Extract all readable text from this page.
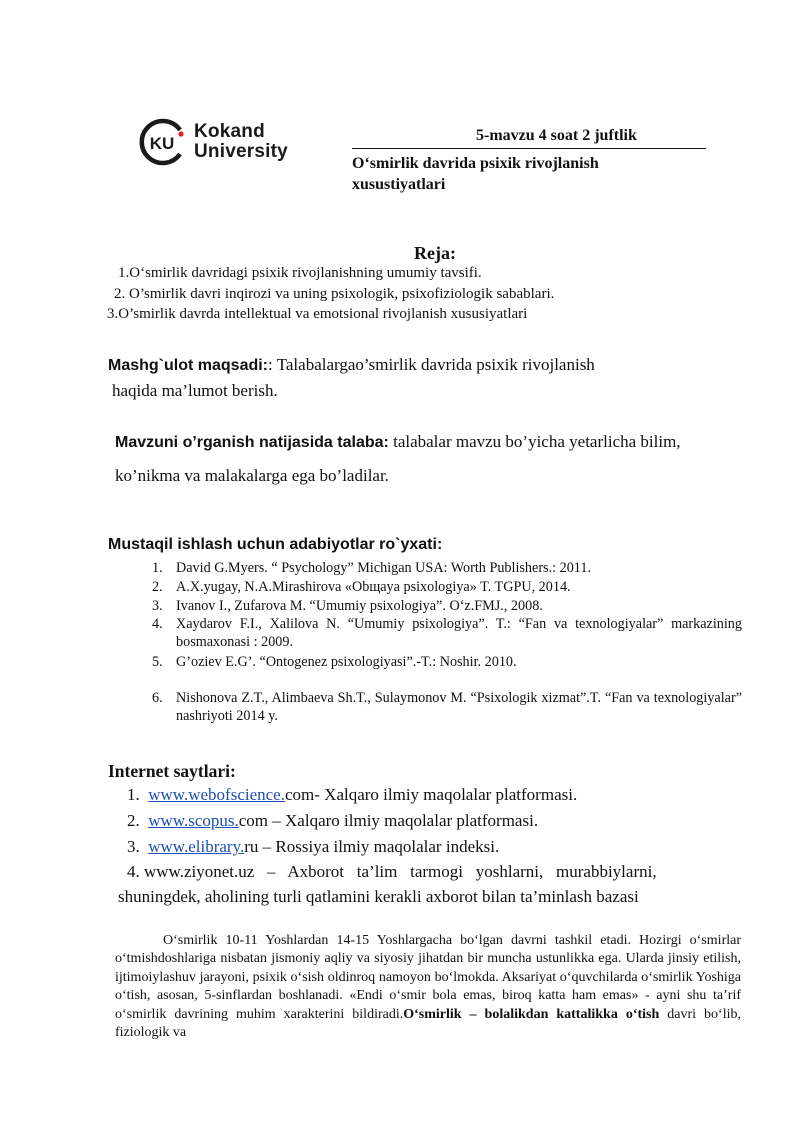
KU
Kokand
University
5-mavzu 4 soat 2 juftlik
O‘smirlik davrida psixik rivojlanish xusustiyatlari
Reja:
1.O‘smirlik davridagi psixik rivojlanishning umumiy tavsifi.
2. O’smirlik davri inqirozi va uning psixologik, psixofiziologik sabablari.
3.O’smirlik davrda intellektual va emotsional rivojlanish xususiyatlari
Mashg`ulot maqsadi:: Talabalargao’smirlik davrida psixik rivojlanish
haqida ma’lumot berish.
Mavzuni o’rganish natijasida talaba: talabalar mavzu bo’yicha yetarlicha bilim,
ko’nikma va malakalarga ega bo’ladilar.
Mustaqil ishlash uchun adabiyotlar ro`yxati:
1. David G.Myers. “ Psychology” Michigan USA: Worth Publishers.: 2011.
2. A.X.yugay, N.A.Mirashirova «Obщaya psixologiya» T. TGPU, 2014.
3. Ivanov I., Zufarova M. “Umumiy psixologiya”. O‘z.FMJ., 2008.
4. Xaydarov F.I., Xalilova N. “Umumiy psixologiya”. T.: “Fan va texnologiyalar” markazining bosmaxonasi : 2009.
5. G’oziev E.G’. “Ontogenez psixologiyasi”.-T.: Noshir. 2010.
6. Nishonova Z.T., Alimbaeva Sh.T., Sulaymonov M. “Psixologik xizmat”.T. “Fan va texnologiyalar” nashriyoti 2014 y.
Internet saytlari:
1. www.webofscience.com- Xalqaro ilmiy maqolalar platformasi.
2. www.scopus.com – Xalqaro ilmiy maqolalar platformasi.
3. www.elibrary.ru – Rossiya ilmiy maqolalar indeksi.
4. www.ziyonet.uz   –   Axborot   ta’lim   tarmogi   yoshlarni,   murabbiylarni,
shuningdek, aholining turli qatlamini kerakli axborot bilan ta’minlash bazasi
O‘smirlik 10-11 Yoshlardan 14-15 Yoshlargacha bo‘lgan davrni tashkil etadi. Hozirgi o‘smirlar o‘tmishdoshlariga nisbatan jismoniy aqliy va siyosiy jihatdan bir muncha ustunlikka ega. Ularda jinsiy etilish, ijtimoiylashuv jarayoni, psixik o‘sish oldinroq namoyon bo‘lmokda. Aksariyat o‘quvchilarda o‘smirlik Yoshiga o‘tish, asosan, 5-sinflardan boshlanadi. «Endi o‘smir bola emas, biroq katta ham emas» - ayni shu ta’rif o‘smirlik davrining muhim xarakterini bildiradi.O‘smirlik – bolalikdan kattalikka o‘tish davri bo‘lib, fiziologik va
